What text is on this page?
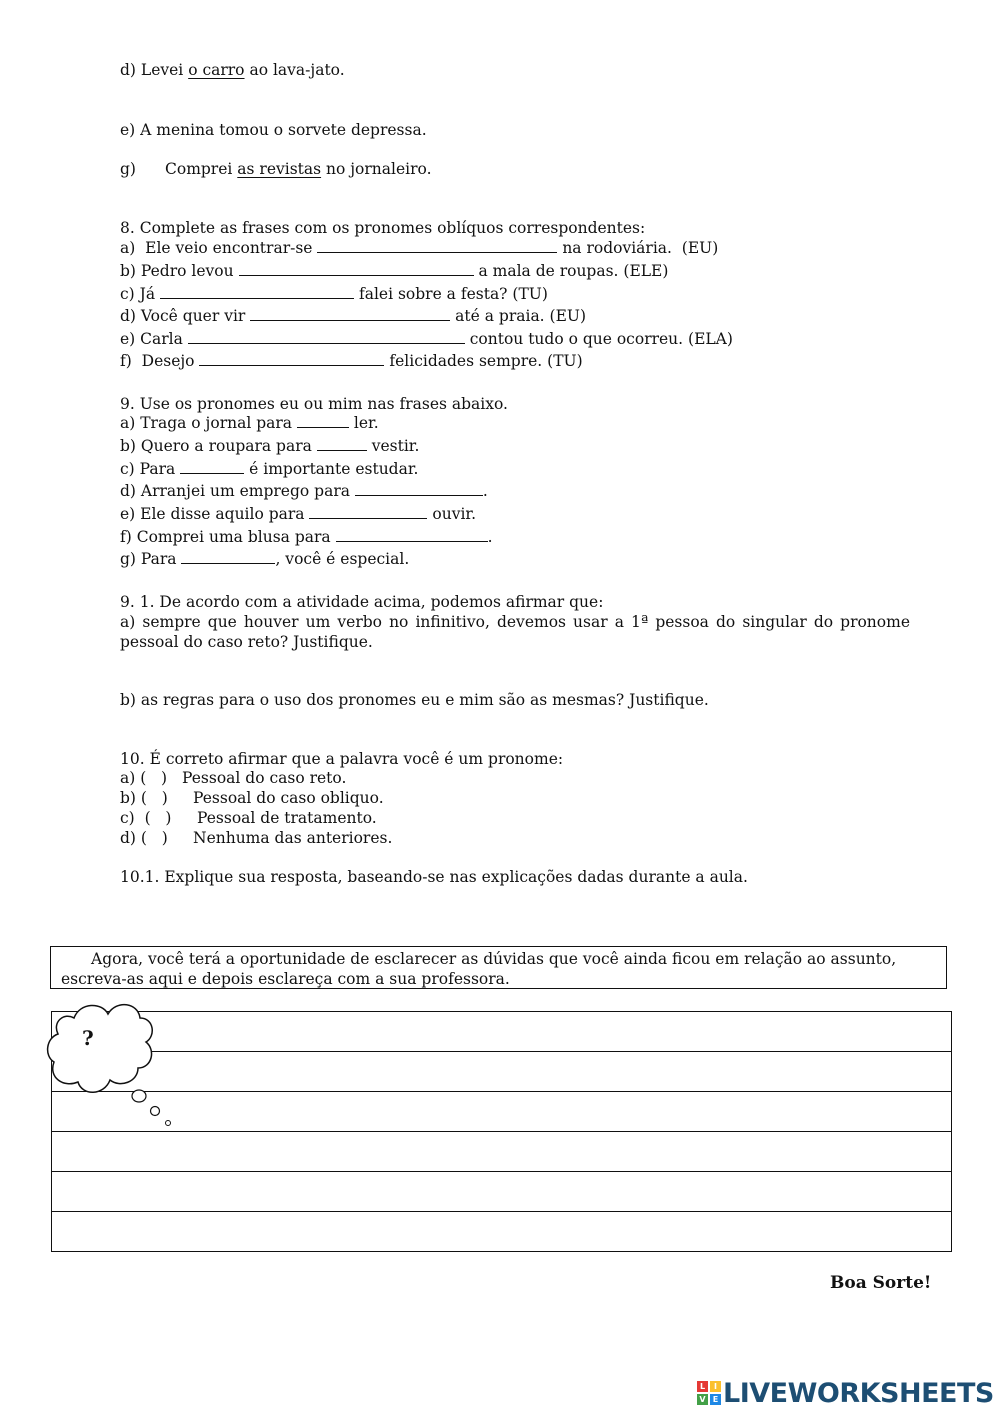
d) Levei o carro ao lava-jato.
e) A menina tomou o sorvete depressa.
g) Comprei as revistas no jornaleiro.
8. Complete as frases com os pronomes oblíquos correspondentes:
a)  Ele veio encontrar-se	na rodoviária.  (EU)
b) Pedro levou	a mala de roupas. (ELE)
c) Já	falei sobre a festa? (TU)
d) Você quer vir	até a praia. (EU)
e) Carla	contou tudo o que ocorreu. (ELA)
f)  Desejo	felicidades sempre. (TU)
9. Use os pronomes eu ou mim nas frases abaixo.
a) Traga o jornal para	ler.
b) Quero a roupara para	vestir.
c) Para	é importante estudar.
d) Arranjei um emprego para	.
e) Ele disse aquilo para	ouvir.
f) Comprei uma blusa para	.
g) Para	, você é especial.
9. 1. De acordo com a atividade acima, podemos afirmar que:
a) sempre que houver um verbo no infinitivo, devemos usar a 1ª pessoa do singular do pronome pessoal do caso reto? Justifique.
b) as regras para o uso dos pronomes eu e mim são as mesmas? Justifique.
10. É correto afirmar que a palavra você é um pronome:
a) (   ) Pessoal do caso reto.
b) (   ) Pessoal do caso obliquo.
c)  (   ) Pessoal de tratamento.
d) (   ) Nenhuma das anteriores.
10.1. Explique sua resposta, baseando-se nas explicações dadas durante a aula.
Agora, você terá a oportunidade de esclarecer as dúvidas que você ainda ficou em relação ao assunto, escreva-as aqui e depois esclareça com a sua professora.
?
Boa Sorte!
L	I
V E LIVEWORKSHEETS
